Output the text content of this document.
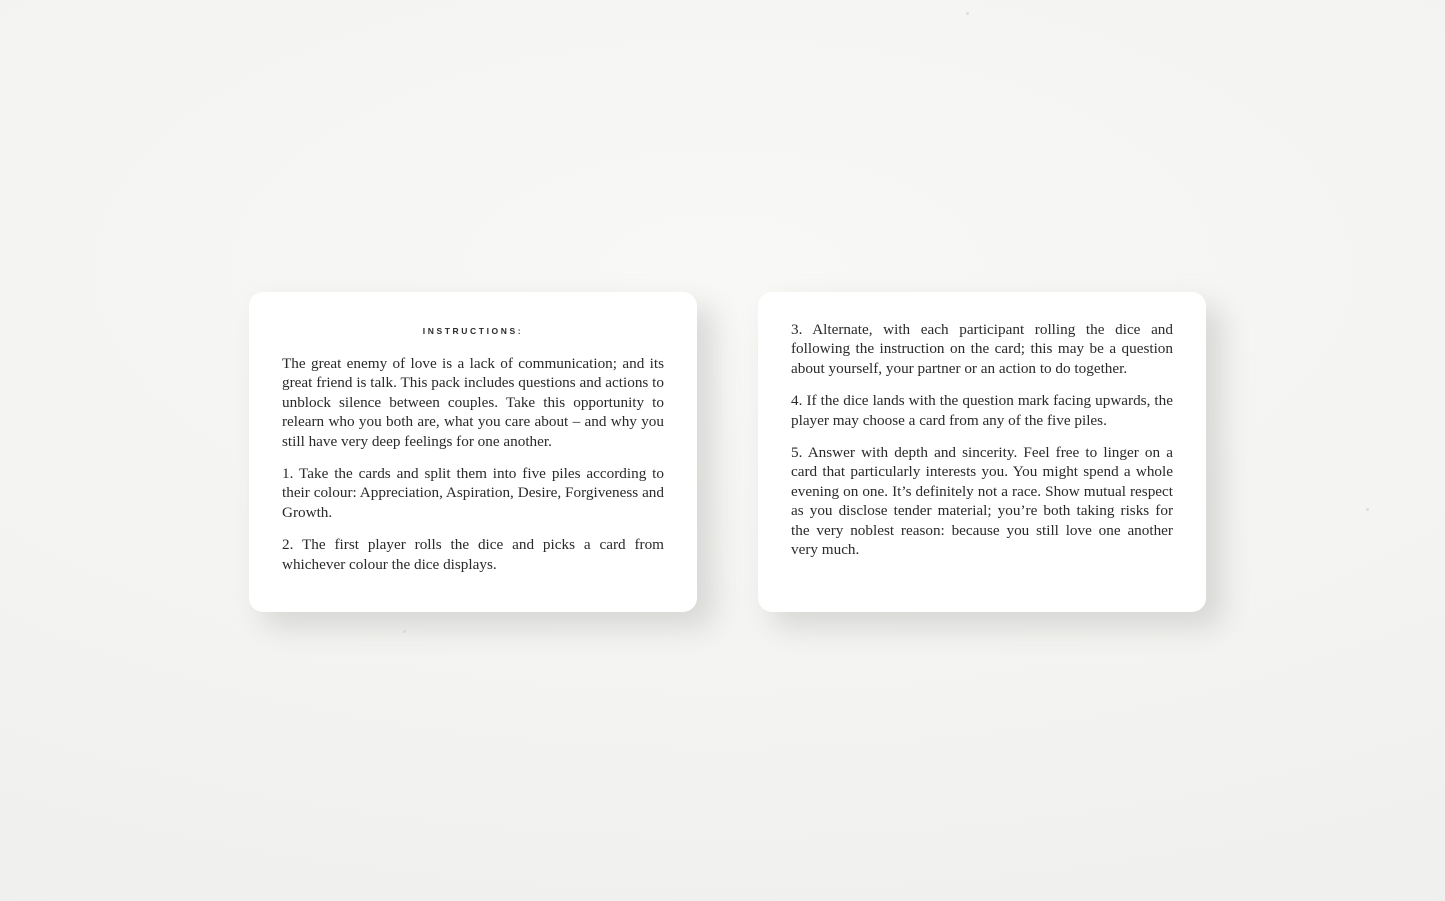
INSTRUCTIONS:

The great enemy of love is a lack of communication; and its great friend is talk. This pack includes questions and actions to unblock silence between couples. Take this opportunity to relearn who you both are, what you care about – and why you still have very deep feelings for one another.

1. Take the cards and split them into five piles according to their colour: Appreciation, Aspiration, Desire, Forgiveness and Growth.

2. The first player rolls the dice and picks a card from whichever colour the dice displays.

3. Alternate, with each participant rolling the dice and following the instruction on the card; this may be a question about yourself, your partner or an action to do together.

4. If the dice lands with the question mark facing upwards, the player may choose a card from any of the five piles.

5. Answer with depth and sincerity. Feel free to linger on a card that particularly interests you. You might spend a whole evening on one. It’s definitely not a race. Show mutual respect as you disclose tender material; you’re both taking risks for the very noblest reason: because you still love one another very much.
